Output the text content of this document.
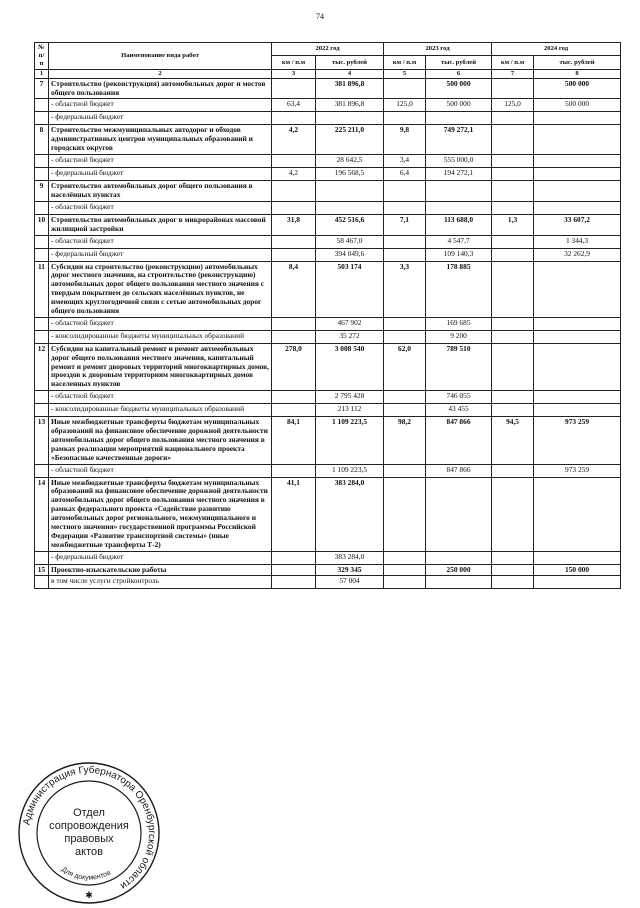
74
№ п/п	Наименование вида работ	2022 год		2023 год		2024 год	
		км / п.м	тыс. рублей	км / п.м	тыс. рублей	км / п.м	тыс. рублей
1	2	3	4	5	6	7	8
7	Строительство (реконструкция) автомобильных дорог и мостов общего пользования		381 896,8		500 000		500 000
	- областной бюджет	63,4	381 896,8	125,0	500 000	125,0	500 000
	- федеральный бюджет						
8	Строительство межмуниципальных автодорог и обходов административных центров муниципальных образований и городских округов	4,2	225 211,0	9,8	749 272,1		
	- областной бюджет		28 642,5	3,4	555 000,0		
	- федеральный бюджет	4,2	196 568,5	6,4	194 272,1		
9	Строительство автомобильных дорог общего пользования в населённых пунктах						
	- областной бюджет						
10	Строительство автомобильных дорог в микрорайонах массовой жилищной застройки	31,8	452 516,6	7,1	113 688,0	1,3	33 607,2
	- областной бюджет		58 467,0		4 547,7		1 344,3
	- федеральный бюджет		394 049,6		109 140,3		32 262,9
11	Субсидии на строительство (реконструкцию) автомобильных дорог местного значения, на строительство (реконструкцию) автомобильных дорог общего пользования местного значения с твердым покрытием до сельских населённых пунктов, не имеющих круглогодичной связи с сетью автомобильных дорог общего пользования	8,4	503 174	3,3	178 885		
	- областной бюджет		467 902		169 685		
	- консолидированные бюджеты муниципальных образований		35 272		9 200		
12	Субсидии на капитальный ремонт и ремонт автомобильных дорог общего пользования местного значения, капитальный ремонт и ремонт дворовых территорий многоквартирных домов, проездов к дворовым территориям многоквартирных домов населенных пунктов	278,0	3 008 540	62,0	789 510		
	- областной бюджет		2 795 428		746 055		
	- консолидированные бюджеты муниципальных образований		213 112		43 455		
13	Иные межбюджетные трансферты бюджетам муниципальных образований на финансовое обеспечение дорожной деятельности автомобильных дорог общего пользования местного значения в рамках реализации мероприятий национального проекта «Безопасные качественные дороги»	84,1	1 109 223,5	98,2	847 866	94,5	973 259
	- областной бюджет		1 109 223,5		847 866		973 259
14	Иные межбюджетные трансферты бюджетам муниципальных образований на финансовое обеспечение дорожной деятельности автомобильных дорог общего пользования местного значения в рамках федерального проекта «Содействие развитию автомобильных дорог регионального, межмуниципального и местного значения» государственной программы Российской Федерации «Развитие транспортной системы» (иные межбюджетные трансферты Т-2)	41,1	383 284,0				
	- федеральный бюджет		383 284,0				
15	Проектно-изыскательские работы		329 345		250 000		150 000
	в том числе услуги стройконтроль		57 004				
Администрация Губернатора Оренбургской области
Для документов
Отдел
сопровождения
правовых
актов
✱
